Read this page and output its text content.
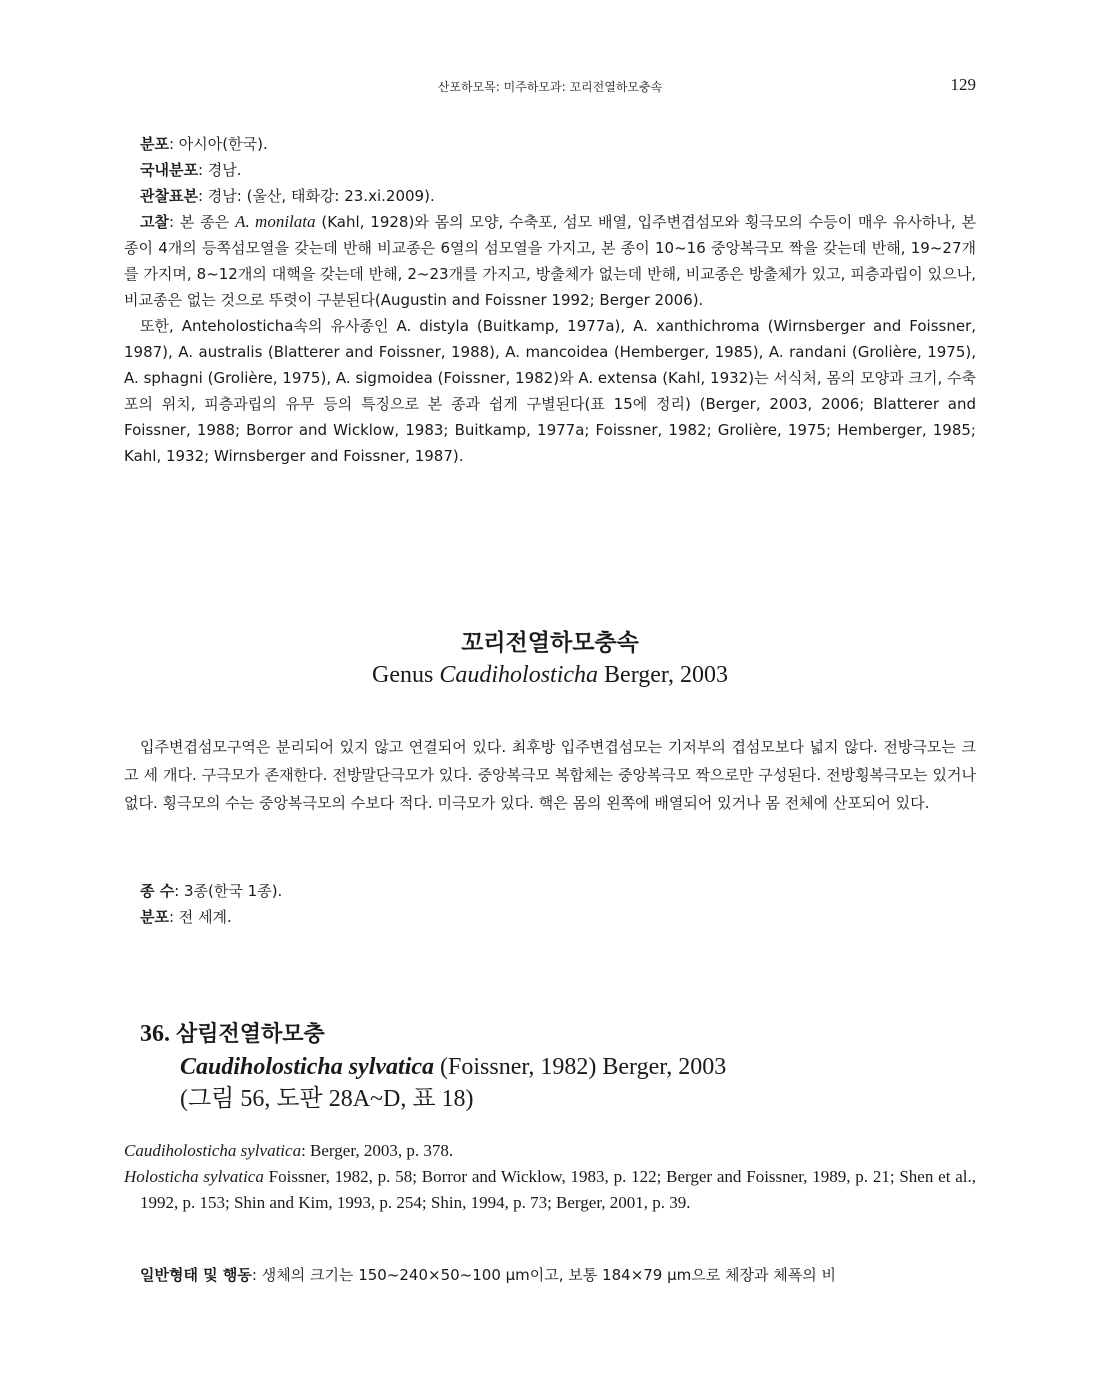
산포하모목: 미주하모과: 꼬리전열하모충속	129

분포: 아시아(한국).

국내분포: 경남.

관찰표본: 경남: (울산, 태화강: 23.xi.2009).

고찰: 본 종은 A. monilata (Kahl, 1928)와 몸의 모양, 수축포, 섬모 배열, 입주변겹섬모와 횡극모의 수등이 매우 유사하나, 본 종이 4개의 등쪽섬모열을 갖는데 반해 비교종은 6열의 섬모열을 가지고, 본 종이 10~16 중앙복극모 짝을 갖는데 반해, 19~27개를 가지며, 8~12개의 대핵을 갖는데 반해, 2~23개를 가지고, 방출체가 없는데 반해, 비교종은 방출체가 있고, 피층과립이 있으나, 비교종은 없는 것으로 뚜렷이 구분된다(Augustin and Foissner 1992; Berger 2006).

또한, Anteholosticha속의 유사종인 A. distyla (Buitkamp, 1977a), A. xanthichroma (Wirnsberger and Foissner, 1987), A. australis (Blatterer and Foissner, 1988), A. mancoidea (Hemberger, 1985), A. randani (Grolière, 1975), A. sphagni (Grolière, 1975), A. sigmoidea (Foissner, 1982)와 A. extensa (Kahl, 1932)는 서식처, 몸의 모양과 크기, 수축포의 위치, 피층과립의 유무 등의 특징으로 본 종과 쉽게 구별된다(표 15에 정리) (Berger, 2003, 2006; Blatterer and Foissner, 1988; Borror and Wicklow, 1983; Buitkamp, 1977a; Foissner, 1982; Grolière, 1975; Hemberger, 1985; Kahl, 1932; Wirnsberger and Foissner, 1987).

꼬리전열하모충속
Genus Caudiholosticha Berger, 2003

입주변겹섬모구역은 분리되어 있지 않고 연결되어 있다. 최후방 입주변겹섬모는 기저부의 겹섬모보다 넓지 않다. 전방극모는 크고 세 개다. 구극모가 존재한다. 전방말단극모가 있다. 중앙복극모 복합체는 중앙복극모 짝으로만 구성된다. 전방횡복극모는 있거나 없다. 횡극모의 수는 중앙복극모의 수보다 적다. 미극모가 있다. 핵은 몸의 왼쪽에 배열되어 있거나 몸 전체에 산포되어 있다.

종 수: 3종(한국 1종).

분포: 전 세계.

36. 삼림전열하모충
Caudiholosticha sylvatica (Foissner, 1982) Berger, 2003
(그림 56, 도판 28A~D, 표 18)

Caudiholosticha sylvatica: Berger, 2003, p. 378.

Holosticha sylvatica Foissner, 1982, p. 58; Borror and Wicklow, 1983, p. 122; Berger and Foissner, 1989, p. 21; Shen et al., 1992, p. 153; Shin and Kim, 1993, p. 254; Shin, 1994, p. 73; Berger, 2001, p. 39.

일반형태 및 행동: 생체의 크기는 150~240×50~100 μm이고, 보통 184×79 μm으로 체장과 체폭의 비
